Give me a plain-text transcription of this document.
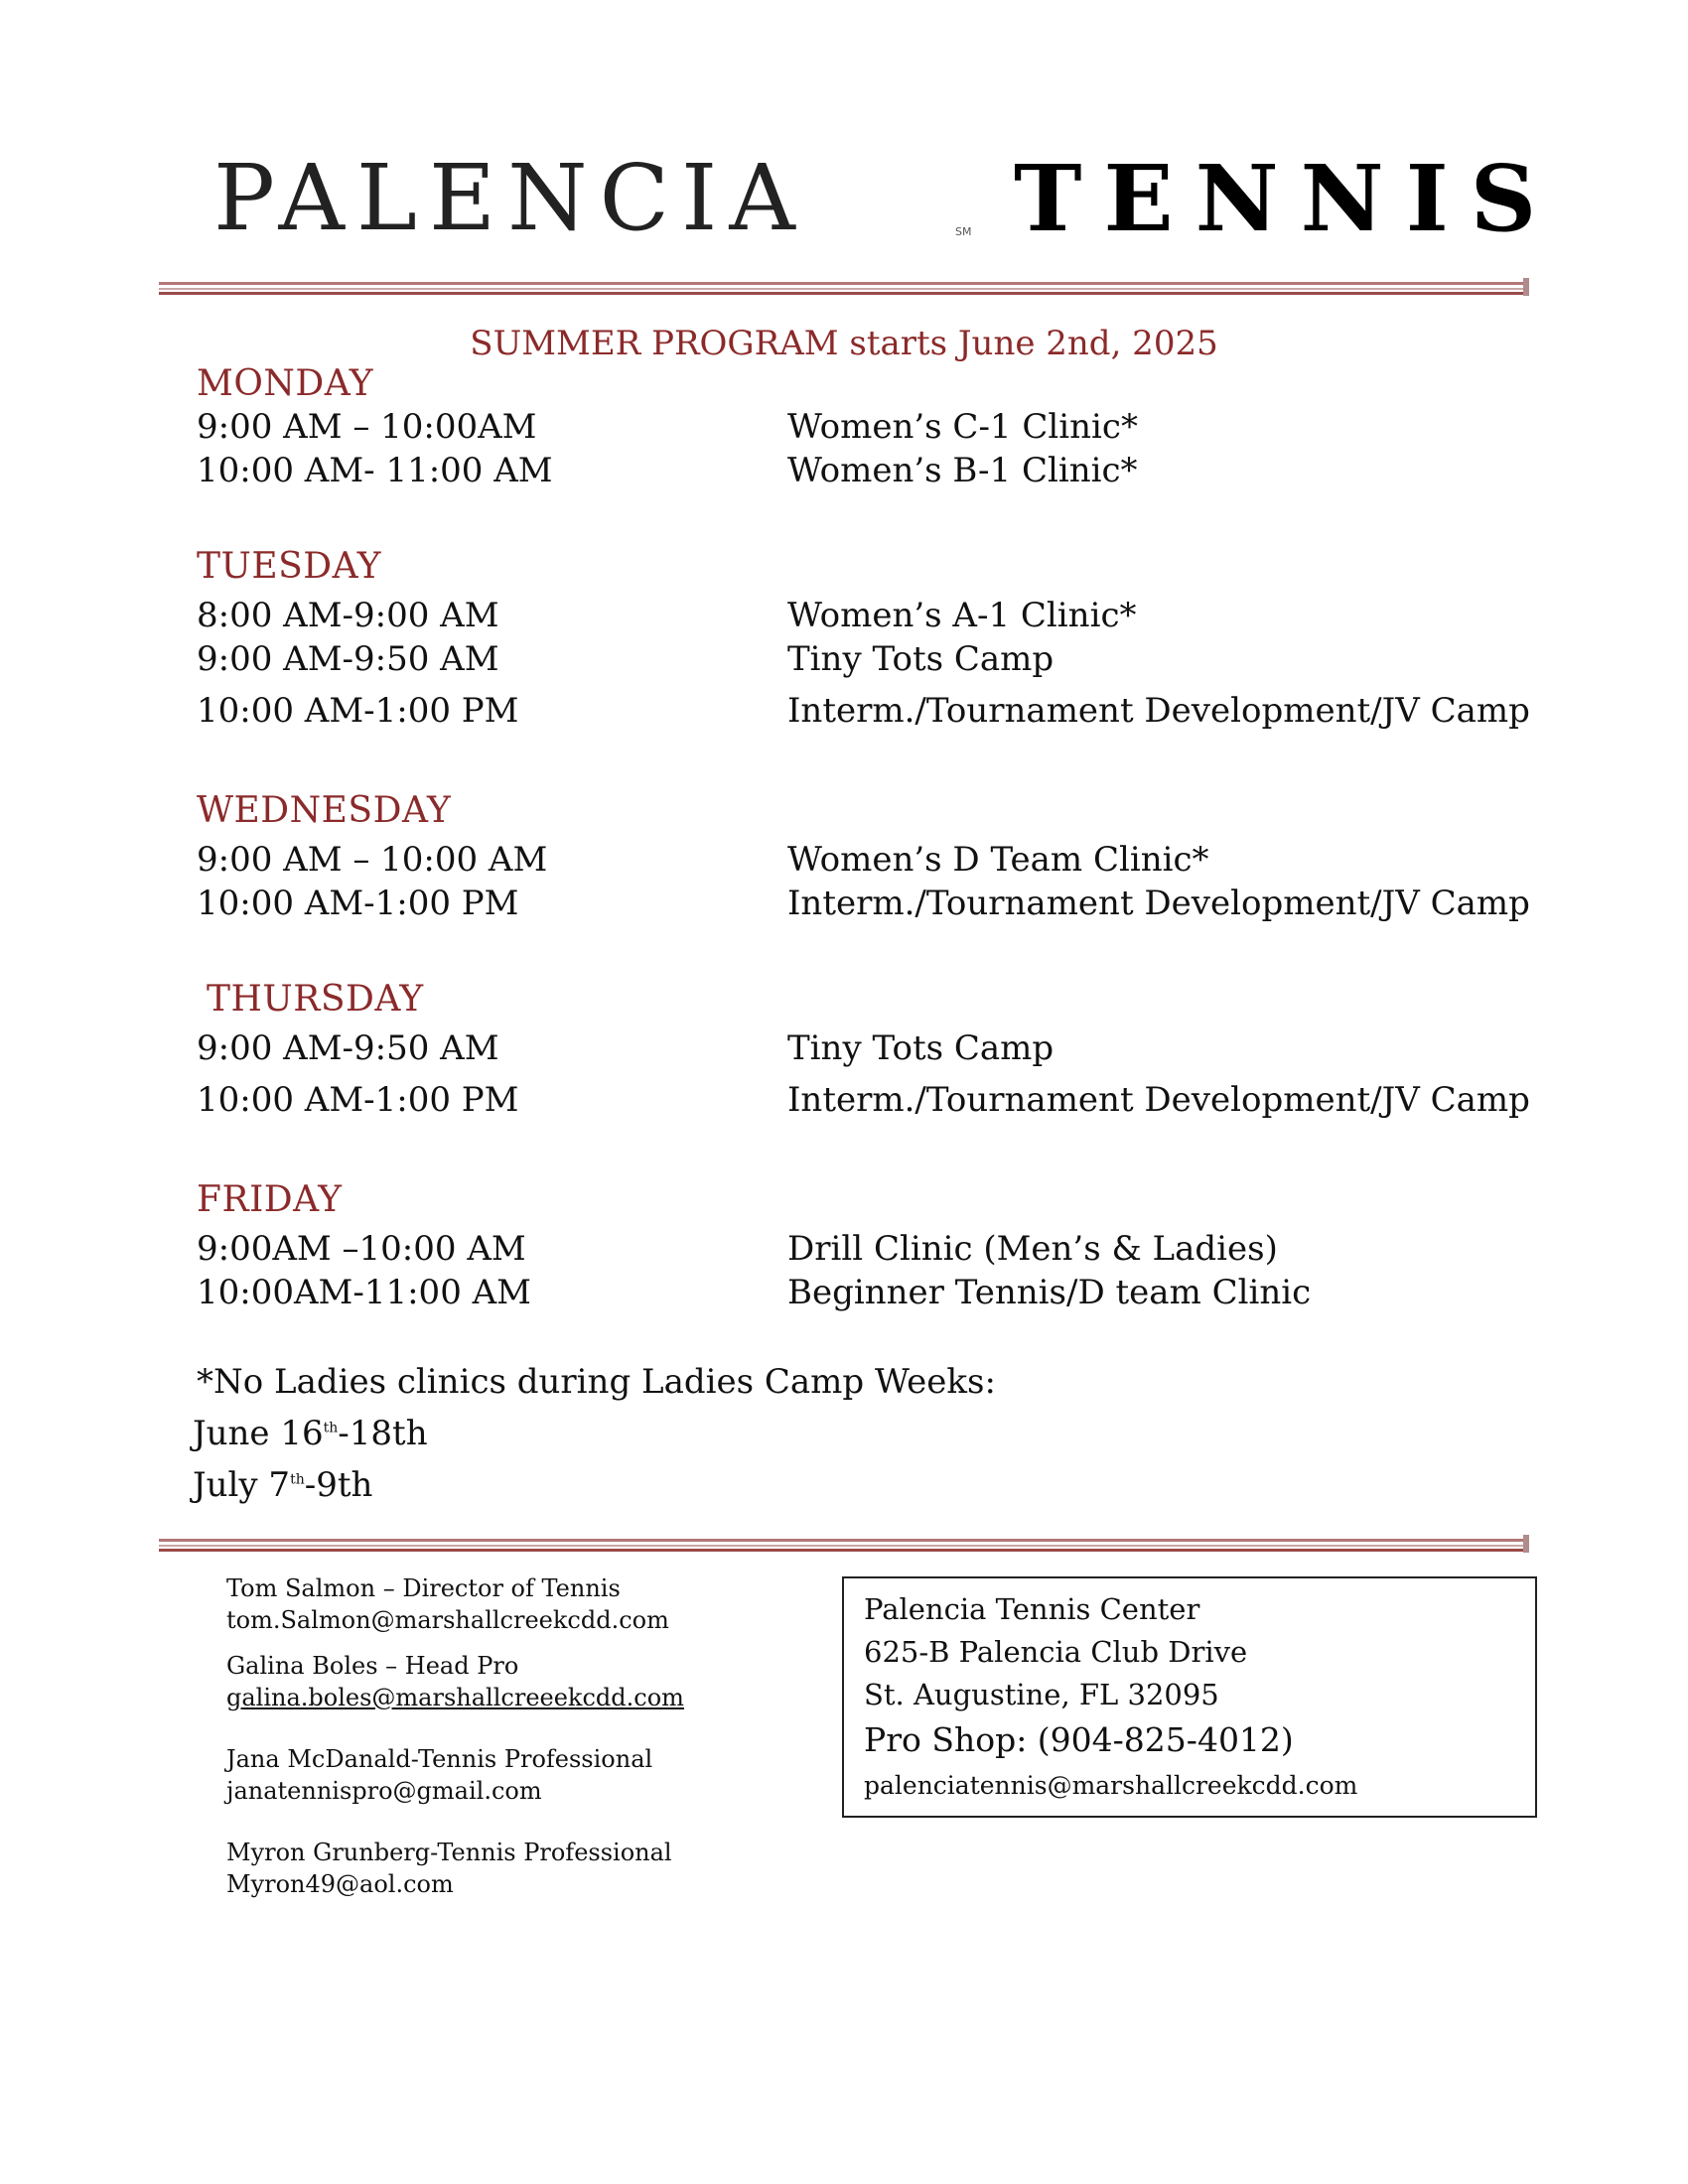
PALENCIA	SM TENNIS
SUMMER PROGRAM starts June 2nd, 2025
MONDAY
9:00 AM – 10:00AM	Women’s C-1 Clinic*
10:00 AM- 11:00 AM	Women’s B-1 Clinic*
TUESDAY
8:00 AM-9:00 AM	Women’s A-1 Clinic*
9:00 AM-9:50 AM	Tiny Tots Camp
10:00 AM-1:00 PM	Interm./Tournament Development/JV Camp
WEDNESDAY
9:00 AM – 10:00 AM	Women’s D Team Clinic*
10:00 AM-1:00 PM	Interm./Tournament Development/JV Camp
THURSDAY
9:00 AM-9:50 AM	Tiny Tots Camp
10:00 AM-1:00 PM	Interm./Tournament Development/JV Camp
FRIDAY
9:00AM –10:00 AM	Drill Clinic (Men’s & Ladies)
10:00AM-11:00 AM	Beginner Tennis/D team Clinic
*No Ladies clinics during Ladies Camp Weeks:
June 16th-18th
July 7th-9th
Tom Salmon – Director of Tennis
tom.Salmon@marshallcreekcdd.com
Galina Boles – Head Pro
galina.boles@marshallcreeekcdd.com
Jana McDanald-Tennis Professional
janatennispro@gmail.com
Myron Grunberg-Tennis Professional
Myron49@aol.com
Palencia Tennis Center
625-B Palencia Club Drive
St. Augustine, FL 32095
Pro Shop: (904-825-4012)
palenciatennis@marshallcreekcdd.com
